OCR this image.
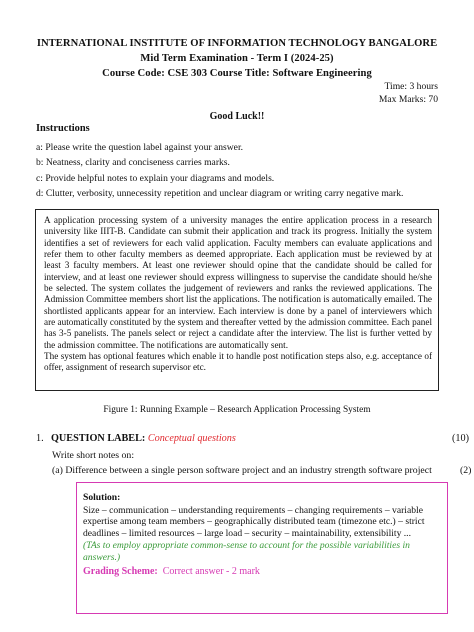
INTERNATIONAL INSTITUTE OF INFORMATION TECHNOLOGY BANGALORE
Mid Term Examination - Term I (2024-25)
Course Code: CSE 303 Course Title: Software Engineering
Time: 3 hours
Max Marks: 70
Good Luck!!
Instructions
a: Please write the question label against your answer.
b: Neatness, clarity and conciseness carries marks.
c: Provide helpful notes to explain your diagrams and models.
d: Clutter, verbosity, unnecessity repetition and unclear diagram or writing carry negative mark.

A application processing system of a university manages the entire application process in a research university like IIIT-B. Candidate can submit their application and track its progress. Initially the system identifies a set of reviewers for each valid application. Faculty members can evaluate applications and refer them to other faculty members as deemed appropriate. Each application must be reviewed by at least 3 faculty members. At least one reviewer should opine that the candidate should be called for interview, and at least one reviewer should express willingness to supervise the candidate should he/she be selected. The system collates the judgement of reviewers and ranks the reviewed applications. The Admission Committee members short list the applications. The notification is automatically emailed. The shortlisted applicants appear for an interview. Each interview is done by a panel of interviewers which are automatically constituted by the system and thereafter vetted by the admission committee. Each panel has 3-5 panelists. The panels select or reject a candidate after the interview. The list is further vetted by the admission committee. The notifications are automatically sent.

The system has optional features which enable it to handle post notification steps also, e.g. acceptance of offer, assignment of research supervisor etc.

Figure 1: Running Example – Research Application Processing System
1. QUESTION LABEL: Conceptual questions	(10)
Write short notes on:
(a) Difference between a single person software project and an industry strength software project	(2)
Solution:
Size – communication – understanding requirements – changing requirements – variable expertise among team members – geographically distributed team (timezone etc.) – strict deadlines – limited resources – large load – security – maintainability, extensibility ...
(TAs to employ appropriate common-sense to account for the possible variabilities in answers.)
Grading Scheme:  Correct answer - 2 mark
